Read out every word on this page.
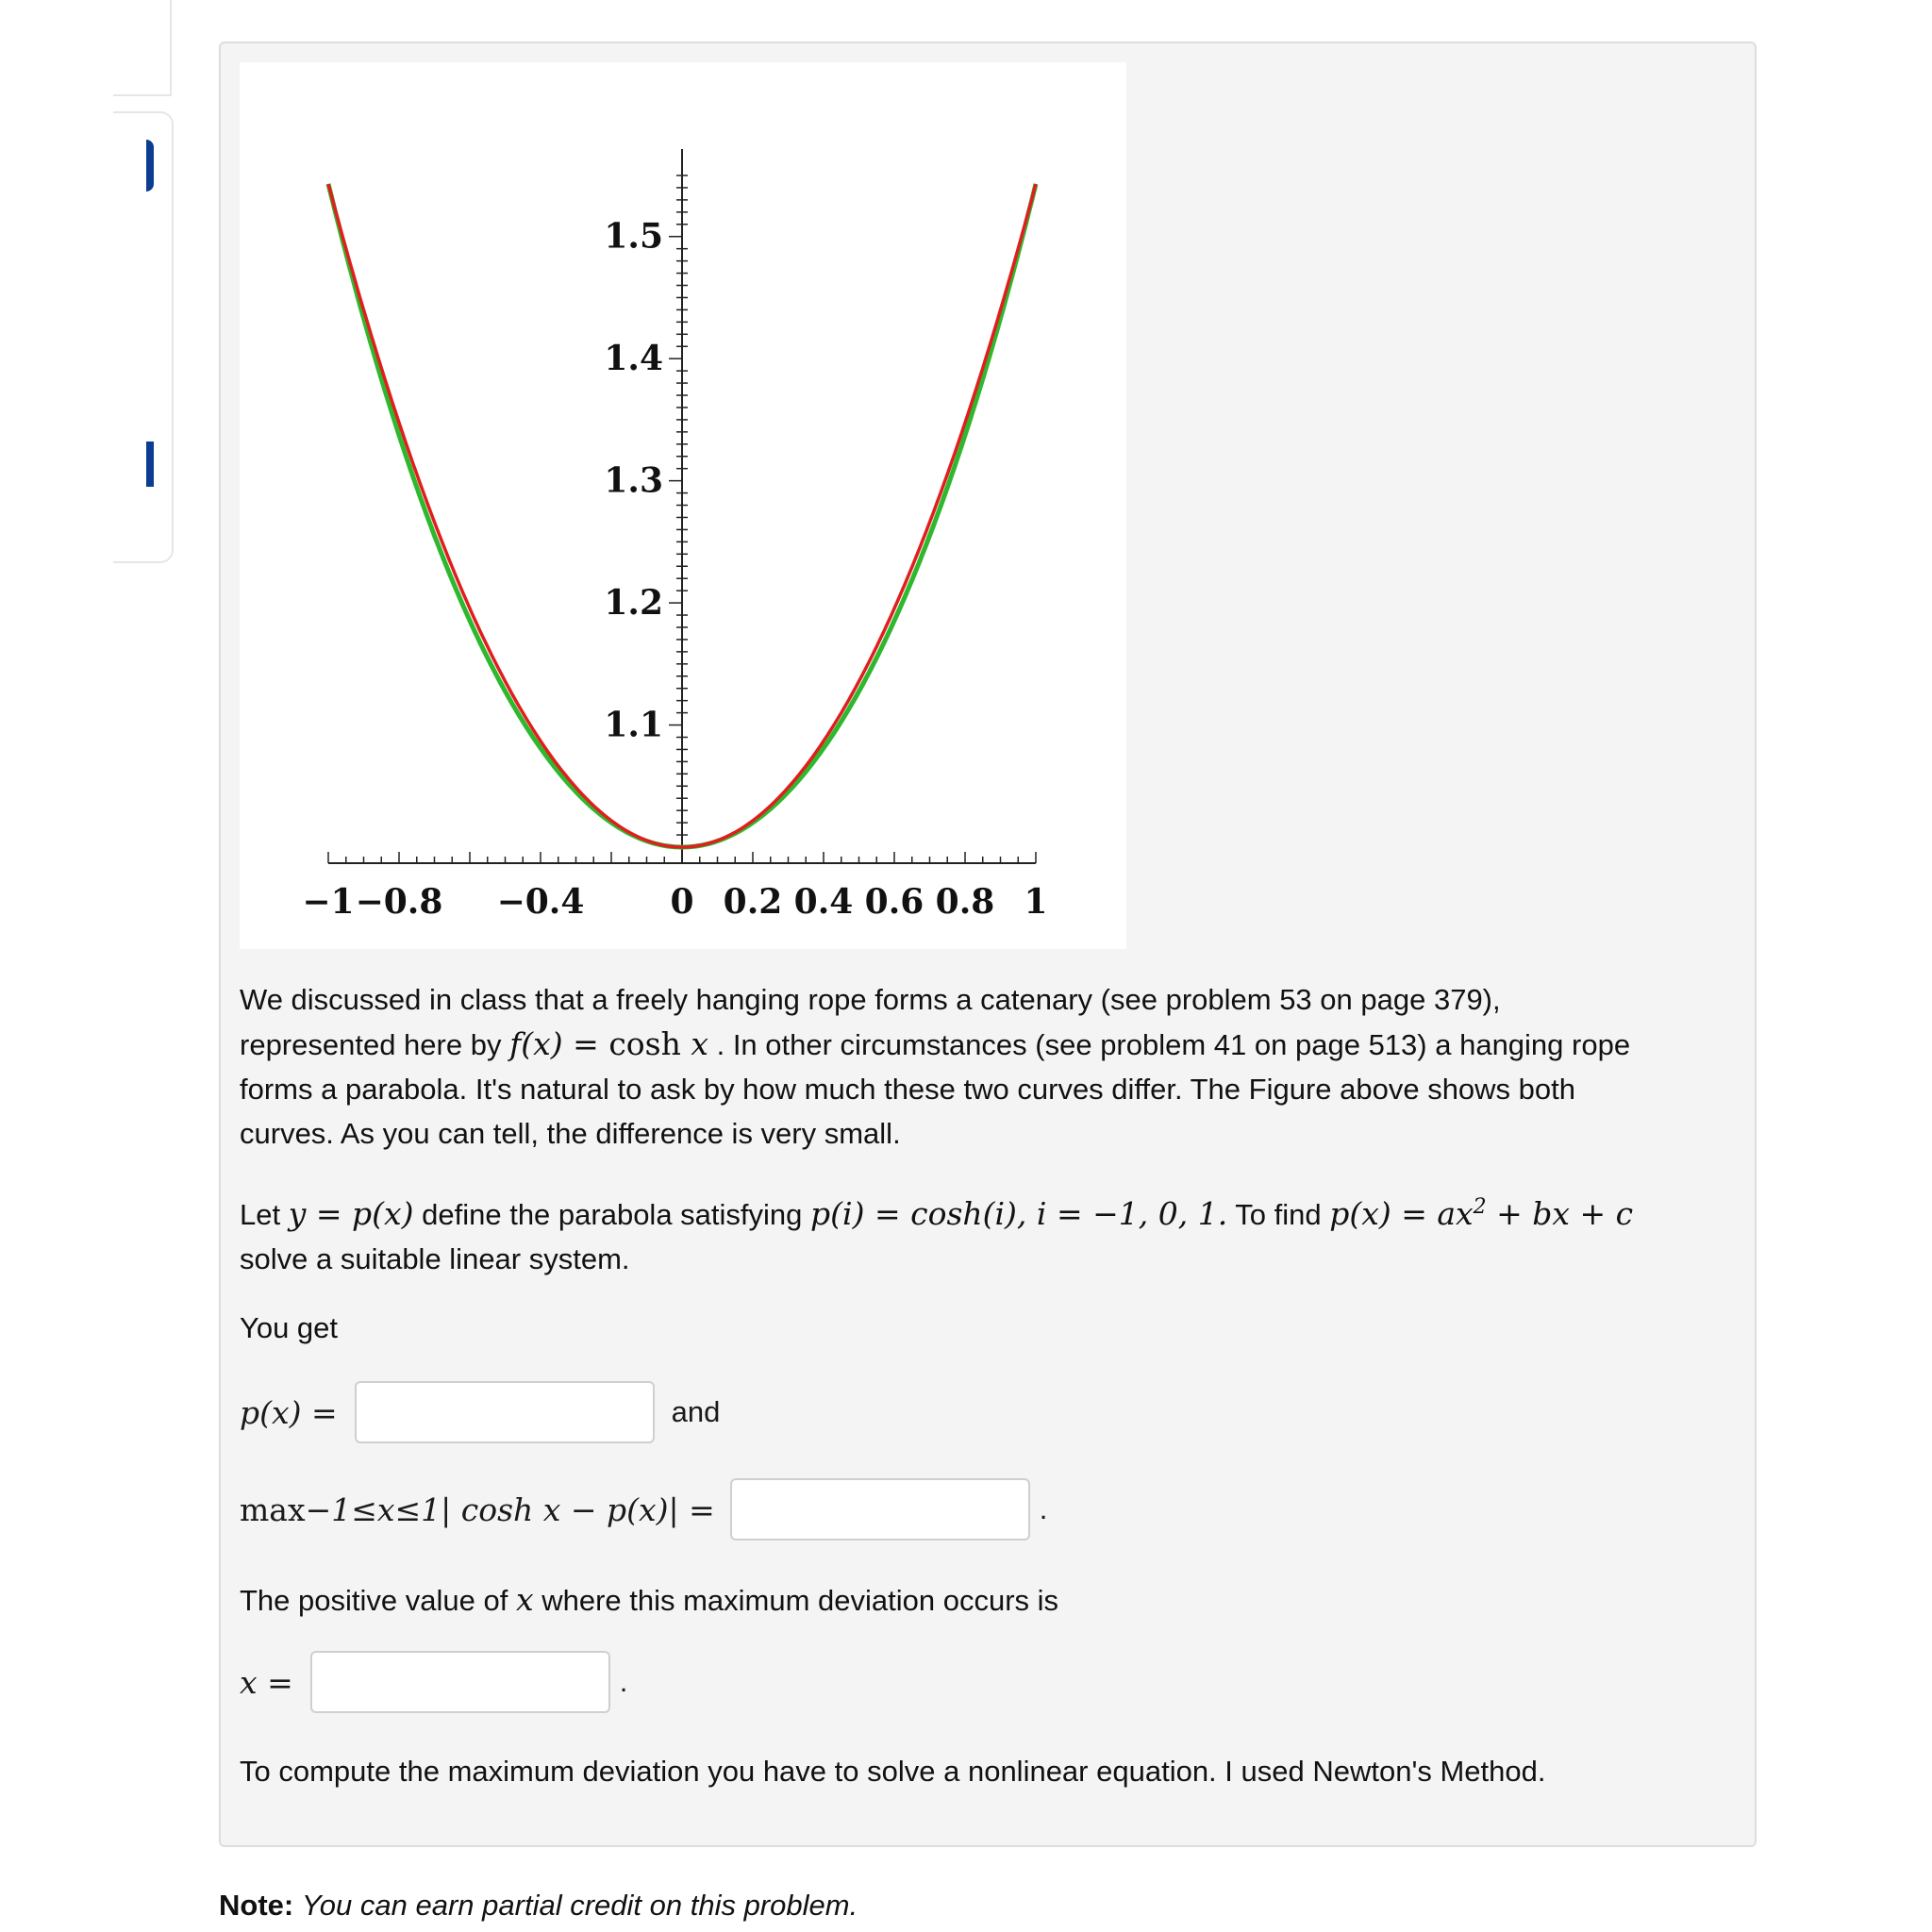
−1 −0.8 −0.4	0 0.2 0.4 0.6 0.8 1
1.1
1.2
1.3
1.4
1.5
We discussed in class that a freely hanging rope forms a catenary (see problem 53 on page 379),
represented here by f(x) = cosh x . In other circumstances (see problem 41 on page 513) a hanging rope
forms a parabola. It's natural to ask by how much these two curves differ. The Figure above shows both
curves. As you can tell, the difference is very small.
Let y = p(x) define the parabola satisfying p(i) = cosh(i), i = −1, 0, 1. To find $p(x) = ax^2$ + bx + c
solve a suitable linear system.
You get
p(x) =	and
max −1≤x≤1 | cosh x − p(x)| =	.
The positive value of x where this maximum deviation occurs is
x =	.
To compute the maximum deviation you have to solve a nonlinear equation. I used Newton's Method.
Note: You can earn partial credit on this problem.
